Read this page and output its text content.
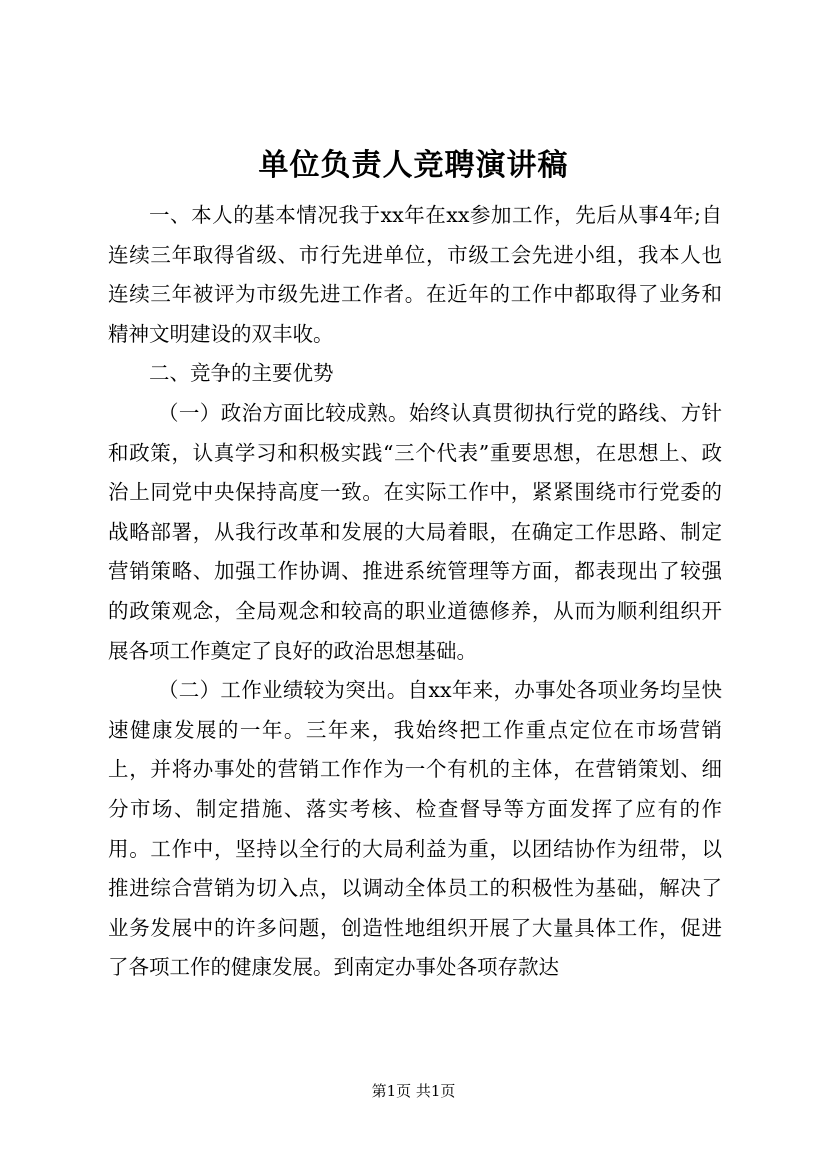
单位负责人竞聘演讲稿

一、本人的基本情况我于xx年在xx参加工作，先后从事4年;自连续三年取得省级、市行先进单位，市级工会先进小组，我本人也连续三年被评为市级先进工作者。在近年的工作中都取得了业务和精神文明建设的双丰收。

二、竞争的主要优势

（一）政治方面比较成熟。始终认真贯彻执行党的路线、方针和政策，认真学习和积极实践“三个代表”重要思想，在思想上、政治上同党中央保持高度一致。在实际工作中，紧紧围绕市行党委的战略部署，从我行改革和发展的大局着眼，在确定工作思路、制定营销策略、加强工作协调、推进系统管理等方面，都表现出了较强的政策观念，全局观念和较高的职业道德修养，从而为顺利组织开展各项工作奠定了良好的政治思想基础。

（二）工作业绩较为突出。自xx年来，办事处各项业务均呈快速健康发展的一年。三年来，我始终把工作重点定位在市场营销上，并将办事处的营销工作作为一个有机的主体，在营销策划、细分市场、制定措施、落实考核、检查督导等方面发挥了应有的作用。工作中，坚持以全行的大局利益为重，以团结协作为纽带，以推进综合营销为切入点，以调动全体员工的积极性为基础，解决了业务发展中的许多问题，创造性地组织开展了大量具体工作，促进了各项工作的健康发展。到南定办事处各项存款达

第1页 共1页
